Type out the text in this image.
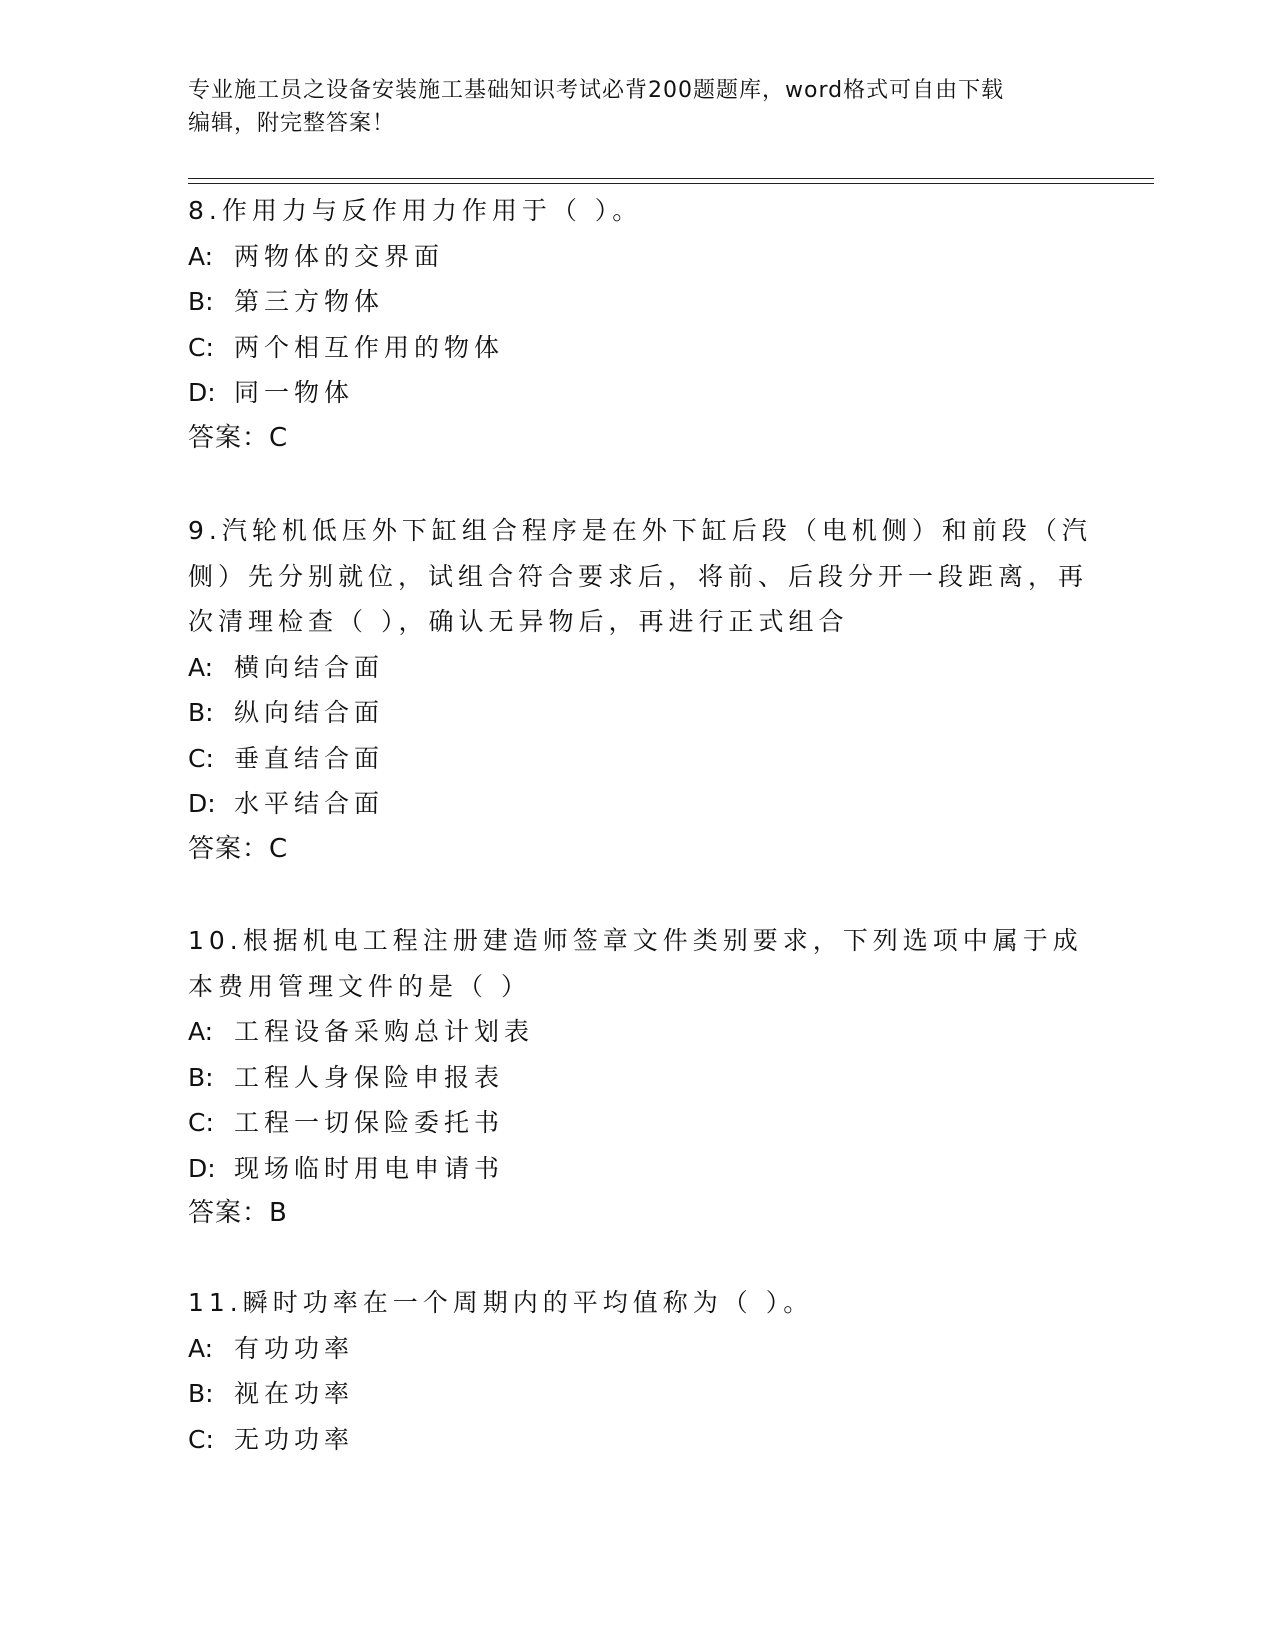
专业施工员之设备安装施工基础知识考试必背200题题库，word格式可自由下载
编辑，附完整答案！

8.作用力与反作用力作用于（ ）。

A: 两物体的交界面

B: 第三方物体

C: 两个相互作用的物体

D: 同一物体

答案：C

9.汽轮机低压外下缸组合程序是在外下缸后段（电机侧）和前段（汽侧）先分别就位，试组合符合要求后，将前、后段分开一段距离，再次清理检查（ ），确认无异物后，再进行正式组合

A: 横向结合面

B: 纵向结合面

C: 垂直结合面

D: 水平结合面

答案：C

10.根据机电工程注册建造师签章文件类别要求，下列选项中属于成本费用管理文件的是（ ）

A: 工程设备采购总计划表

B: 工程人身保险申报表

C: 工程一切保险委托书

D: 现场临时用电申请书

答案：B

11.瞬时功率在一个周期内的平均值称为（ ）。

A: 有功功率

B: 视在功率

C: 无功功率
